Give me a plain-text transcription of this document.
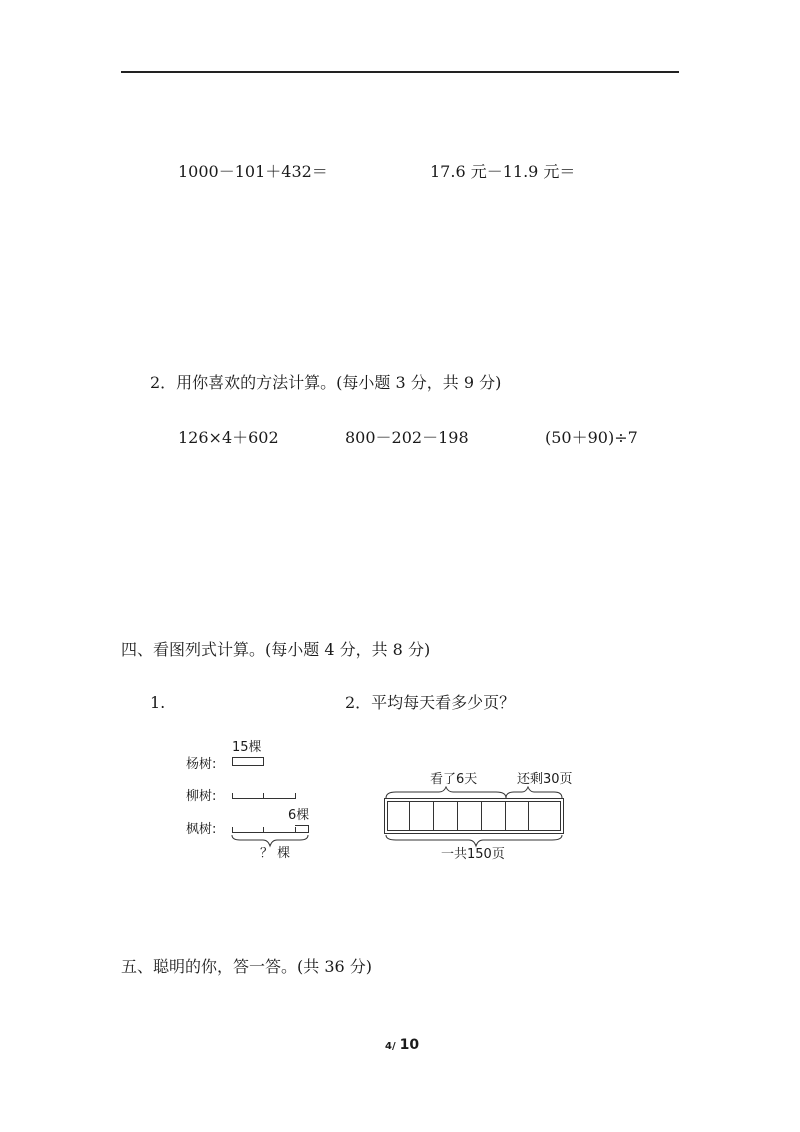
1000－101＋432＝	17.6 元－11.9 元＝
2．用你喜欢的方法计算。(每小题 3 分，共 9 分)
126×4＋602	800－202－198	(50＋90)÷7
四、看图列式计算。(每小题 4 分，共 8 分)
1.	2．平均每天看多少页？
15棵
杨树:
柳树:
6棵
枫树:
？ 棵
看了6天	还剩30页
一共150页
五、聪明的你，答一答。(共 36 分)
4/ 10
